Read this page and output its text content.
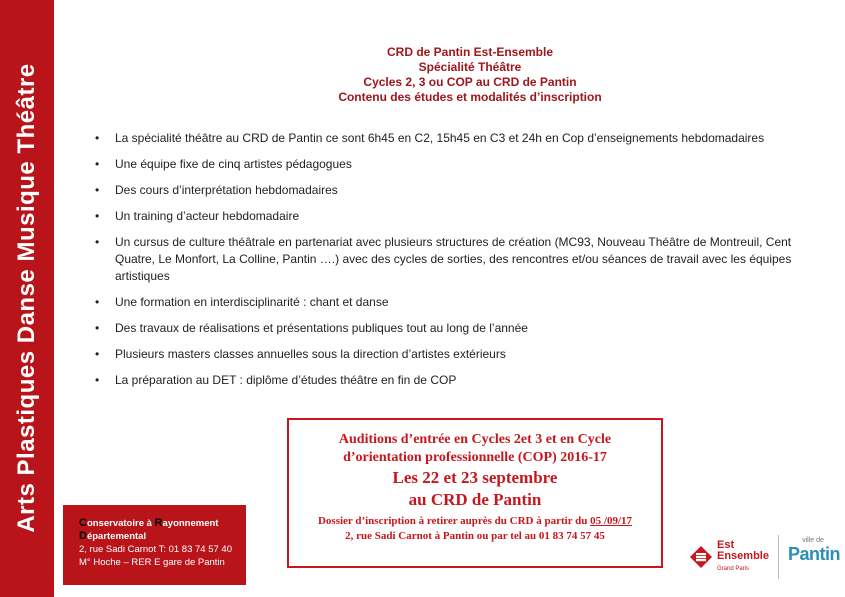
Arts Plastiques Danse Musique Théâtre
CRD de Pantin Est-Ensemble
Spécialité Théâtre
Cycles 2, 3 ou COP au CRD de Pantin
Contenu des études et modalités d’inscription
• La spécialité théâtre au CRD de Pantin ce sont 6h45 en C2, 15h45 en C3 et 24h en Cop d’enseignements hebdomadaires
• Une équipe fixe de cinq artistes pédagogues
• Des cours d’interprétation hebdomadaires
• Un training d’acteur hebdomadaire
• Un cursus de culture théâtrale en partenariat avec plusieurs structures de création (MC93, Nouveau Théâtre de Montreuil, Cent Quatre, Le Monfort, La Colline, Pantin ….) avec des cycles de sorties, des rencontres et/ou séances de travail avec les équipes artistiques
• Une formation en interdisciplinarité : chant et danse
• Des travaux de réalisations et présentations publiques tout au long de l’année
• Plusieurs masters classes annuelles sous la direction d’artistes extérieurs
• La préparation au DET : diplôme d’études théâtre en fin de COP
Auditions d’entrée en Cycles 2et 3 et en Cycle
d’orientation professionnelle (COP) 2016-17
Les 22 et 23 septembre
au CRD de Pantin
Dossier d’inscription à retirer auprès du CRD à partir du 05 /09/17
2, rue Sadi Carnot à Pantin ou par tel au 01 83 74 57 45
Conservatoire à Rayonnement
Départemental
2, rue Sadi Carnot T: 01 83 74 57 40
M° Hoche – RER E gare de Pantin
Est
Ensemble
Grand Paris
ville de
Pantin
